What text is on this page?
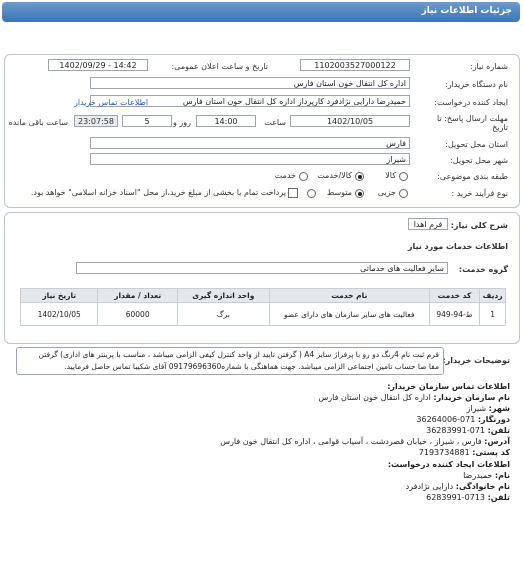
جزئیات اطلاعات نیاز
شماره نیاز:
1102003527000122
تاریخ و ساعت اعلان عمومی:
1402/09/29 - 14:42
نام دستگاه خریدار:
اداره کل انتقال خون استان فارس
ایجاد کننده درخواست:
حمیدرضا دارایی نژادفرد کارپرداز اداره کل انتقال خون استان فارس
اطلاعات تماس خریدار
مهلت ارسال پاسخ: تا
تاریخ
1402/10/05
ساعت
14:00
5	روز و
23:07:58
ساعت باقی مانده
استان محل تحویل:
فارس
شهر محل تحویل:
شیراز
طبقه بندی موضوعی:
کالا
کالا/خدمت
خدمت
نوع فرآیند خرید :
جزیی
متوسط
پرداخت تمام یا بخشی از مبلغ خرید،از محل "اسناد خزانه اسلامی" خواهد بود.
شرح کلی نیاز:
فرم اهدا
اطلاعات خدمات مورد نیاز
گروه خدمت:
سایر فعالیت های خدماتی
ردیف	کد خدمت	نام خدمت	واحد اندازه گیری	تعداد / مقدار	تاریخ نیاز
1	ط-94-949	فعالیت های سایر سازمان های دارای عضو	برگ	60000	1402/10/05
توضیحات خریدار:
فرم ثبت نام 4رنگ دو رو با پرفراژ سایز A4 ( گرفتن تایید از واحد کنترل کیفی الزامی میباشد ، مناسب با پرینتر های اداری) گرفتن
مفا صا حساب تامین اجتماعی الزامی میباشد. جهت هماهنگی با شماره09179696360 آقای شکیبا تماس حاصل فرمایید.
اطلاعات تماس سازمان خریدار:
نام سازمان خریدار: اداره کل انتقال خون استان فارس
شهر: شیراز
دورنگار: 071-36264006
تلفن: 071-36283991
آدرس: فارس ، شیراز ، خیابان قصردشت ، آسیاب قوامی ، اداره کل انتقال خون فارس
کد پستی: 7193734881
اطلاعات ایجاد کننده درخواست:
نام: حمیدرضا
نام خانوادگی: دارایی نژادفرد
تلفن: 0713-6283991
